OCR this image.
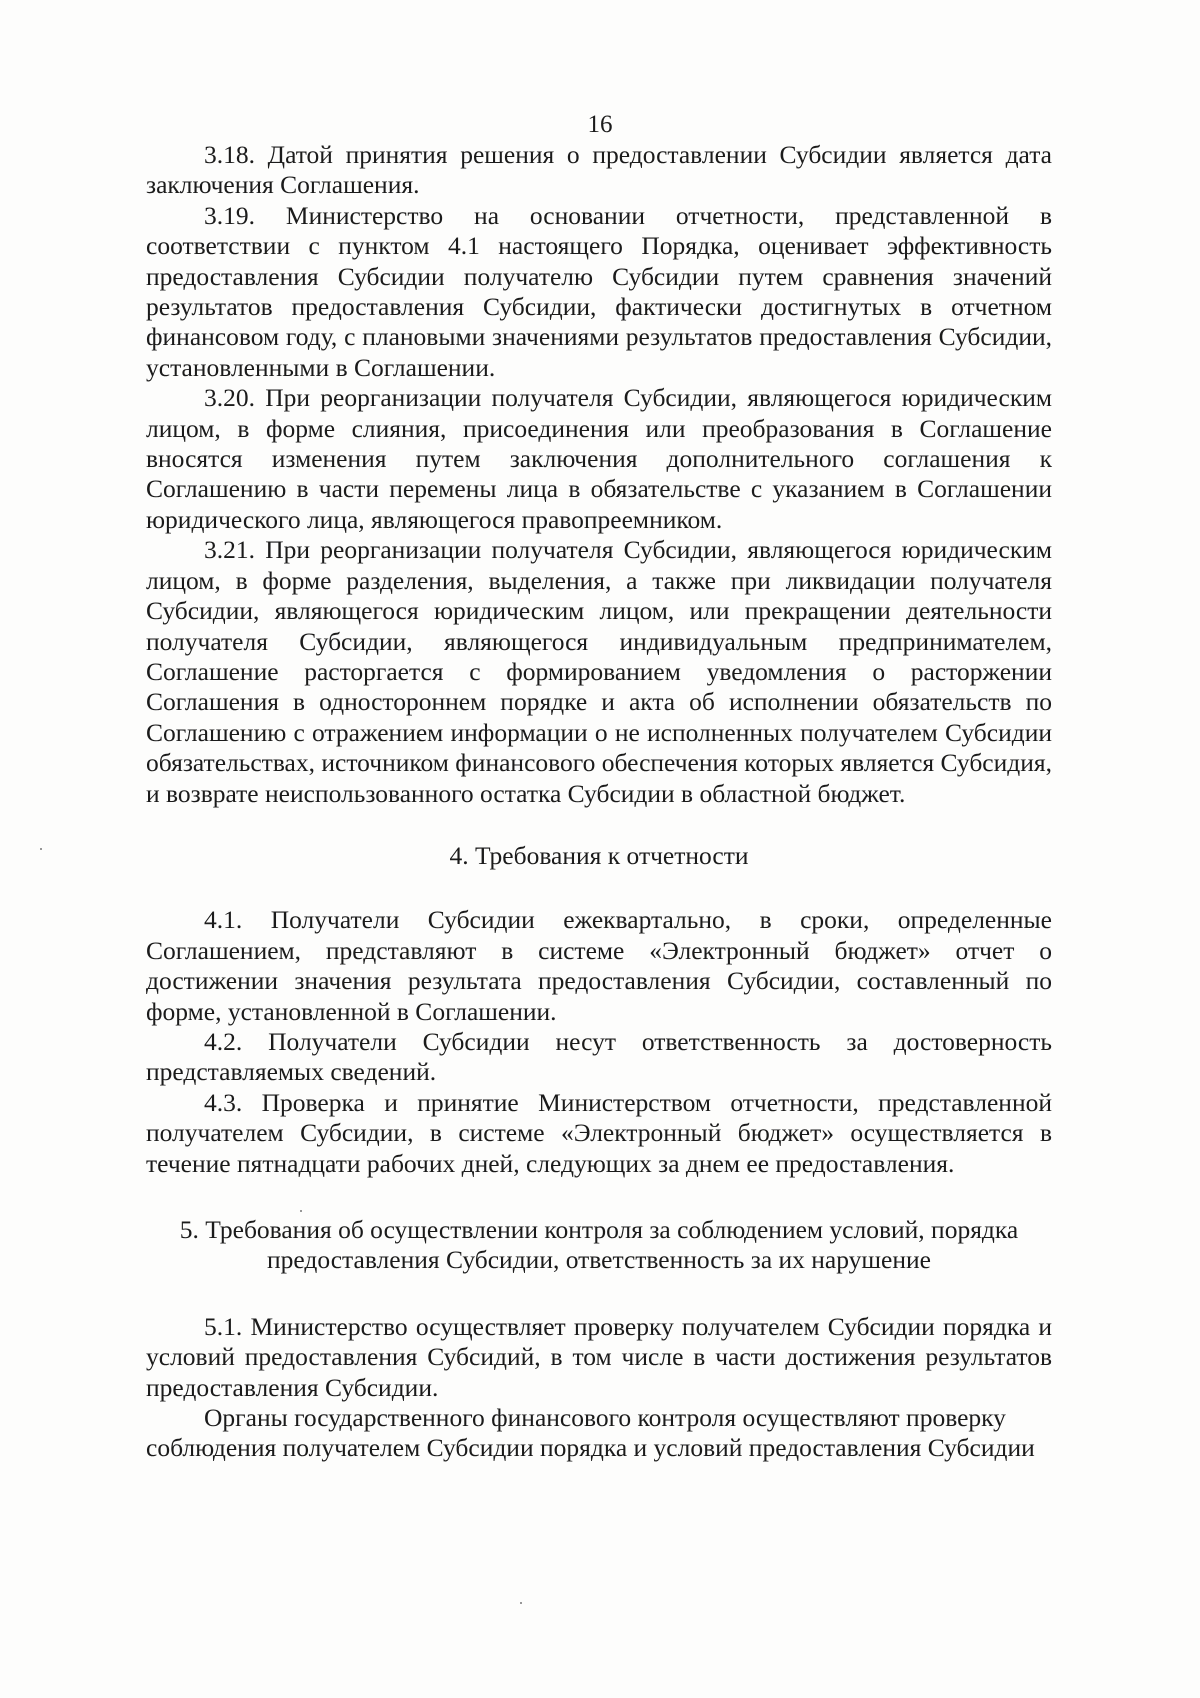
16

3.18. Датой принятия решения о предоставлении Субсидии является дата заключения Соглашения.

3.19. Министерство на основании отчетности, представленной в соответствии с пунктом 4.1 настоящего Порядка, оценивает эффективность предоставления Субсидии получателю Субсидии путем сравнения значений результатов предоставления Субсидии, фактически достигнутых в отчетном финансовом году, с плановыми значениями результатов предоставления Субсидии, установленными в Соглашении.

3.20. При реорганизации получателя Субсидии, являющегося юридическим лицом, в форме слияния, присоединения или преобразования в Соглашение вносятся изменения путем заключения дополнительного соглашения к Соглашению в части перемены лица в обязательстве с указанием в Соглашении юридического лица, являющегося правопреемником.

3.21. При реорганизации получателя Субсидии, являющегося юридическим лицом, в форме разделения, выделения, а также при ликвидации получателя Субсидии, являющегося юридическим лицом, или прекращении деятельности получателя Субсидии, являющегося индивидуальным предпринимателем, Соглашение расторгается с формированием уведомления о расторжении Соглашения в одностороннем порядке и акта об исполнении обязательств по Соглашению с отражением информации о не исполненных получателем Субсидии обязательствах, источником финансового обеспечения которых является Субсидия, и возврате неиспользованного остатка Субсидии в областной бюджет.

4. Требования к отчетности

4.1. Получатели Субсидии ежеквартально, в сроки, определенные Соглашением, представляют в системе «Электронный бюджет» отчет о достижении значения результата предоставления Субсидии, составленный по форме, установленной в Соглашении.

4.2. Получатели Субсидии несут ответственность за достоверность представляемых сведений.

4.3. Проверка и принятие Министерством отчетности, представленной получателем Субсидии, в системе «Электронный бюджет» осуществляется в течение пятнадцати рабочих дней, следующих за днем ее предоставления.

5. Требования об осуществлении контроля за соблюдением условий, порядка предоставления Субсидии, ответственность за их нарушение

5.1. Министерство осуществляет проверку получателем Субсидии порядка и условий предоставления Субсидий, в том числе в части достижения результатов предоставления Субсидии.

Органы государственного финансового контроля осуществляют проверку соблюдения получателем Субсидии порядка и условий предоставления Субсидии
